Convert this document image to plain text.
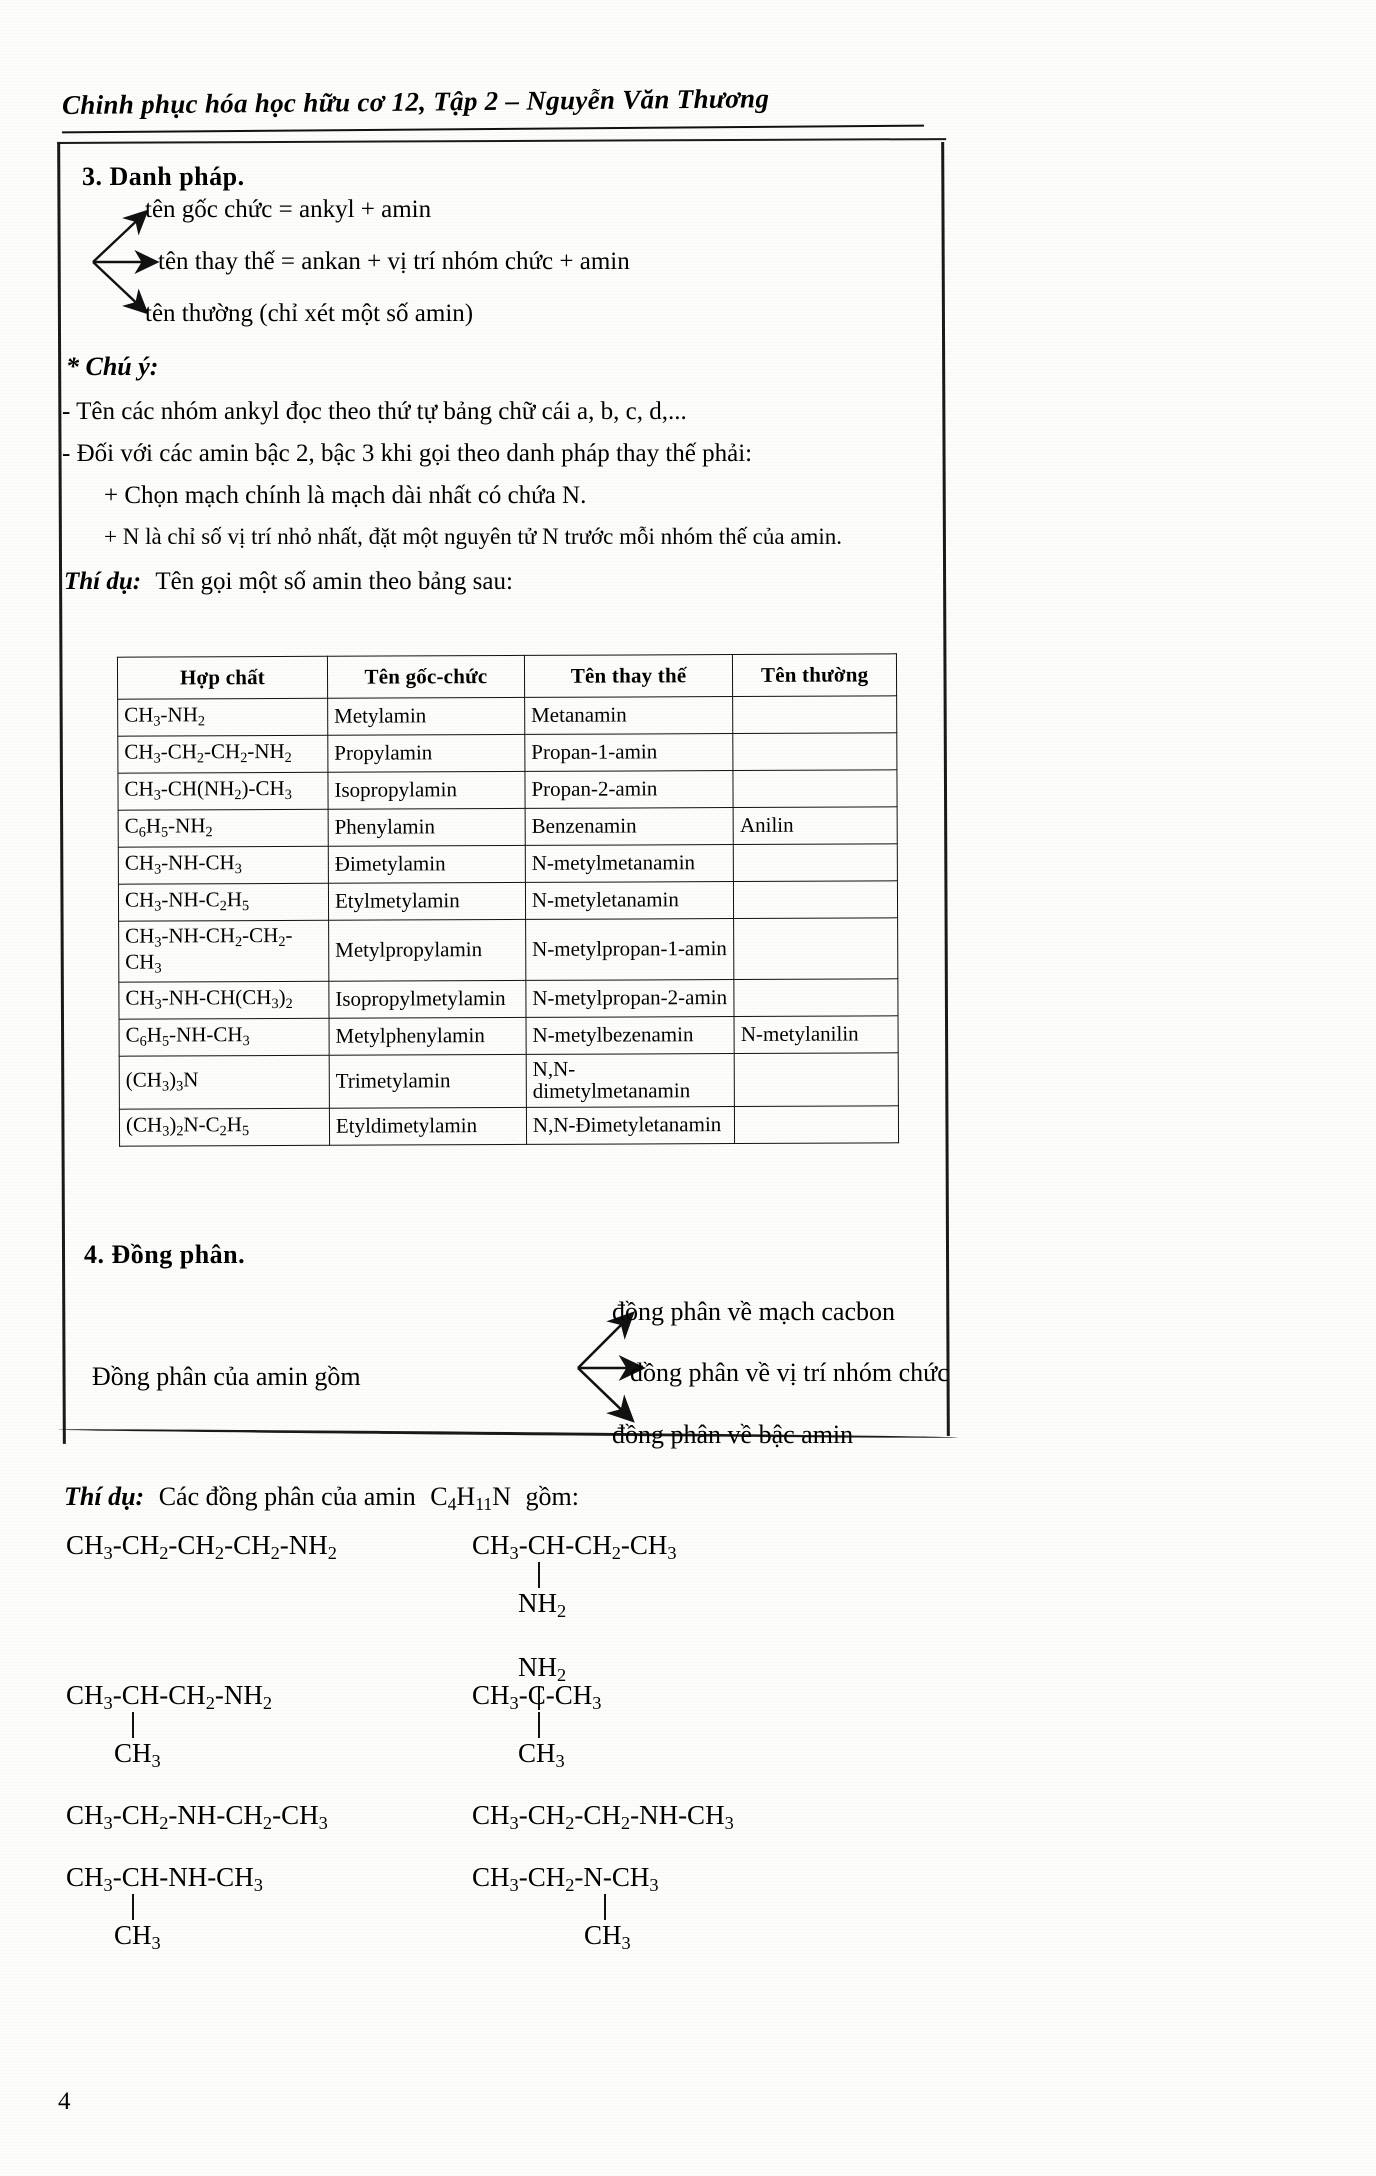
Chinh phục hóa học hữu cơ 12, Tập 2 – Nguyễn Văn Thương
3. Danh pháp.
tên gốc chức = ankyl + amin
tên thay thế = ankan + vị trí nhóm chức + amin
tên thường (chỉ xét một số amin)
* Chú ý:
- Tên các nhóm ankyl đọc theo thứ tự bảng chữ cái a, b, c, d,...
- Đối với các amin bậc 2, bậc 3 khi gọi theo danh pháp thay thế phải:
+ Chọn mạch chính là mạch dài nhất có chứa N.
+ N là chỉ số vị trí nhỏ nhất, đặt một nguyên tử N trước mỗi nhóm thế của amin.
Thí dụ: Tên gọi một số amin theo bảng sau:
Hợp chất	Tên gốc-chức	Tên thay thế	Tên thường
$CH_3-NH_2$	Metylamin	Metanamin	
$CH_3-CH_2-CH_2-NH_2$	Propylamin	Propan-1-amin	
$CH_3-CH(NH_2)-CH_3$	Isopropylamin	Propan-2-amin	
$C_6H_5-NH_2$	Phenylamin	Benzenamin	Anilin
$CH_3-NH-CH_3$	Đimetylamin	N-metylmetanamin	
$CH_3-NH-C_2H_5$	Etylmetylamin	N-metyletanamin	
$CH_3-NH-CH_2-CH_2-CH_3$	Metylpropylamin	N-metylpropan-1-amin	
$CH_3-NH-CH(CH_3)_2$	Isopropylmetylamin	N-metylpropan-2-amin	
$C_6H_5-NH-CH_3$	Metylphenylamin	N-metylbezenamin	N-metylanilin
$(CH_3)_3N$	Trimetylamin	N,N-dimetylmetanamin	
$(CH_3)_2N-C_2H_5$	Etyldimetylamin	N,N-Đimetyletanamin	
4. Đồng phân.
Đồng phân của amin gồm
đồng phân về mạch cacbon
đồng phân về vị trí nhóm chức
đồng phân về bậc amin
Thí dụ: Các đồng phân của amin $C_4H_{11}N$ gồm:
$CH_3-CH_2-CH_2-CH_2-NH_2$
$CH_3-CH-CH_2-NH_2$
$CH_3$
$CH_3-CH_2-NH-CH_2-CH_3$
$CH_3-CH-NH-CH_3$
$CH_3$
$CH_3-CH-CH_2-CH_3$
$NH_2$
$NH_2$
$CH_3-C-CH_3$
$CH_3$
$CH_3-CH_2-CH_2-NH-CH_3$
$CH_3-CH_2-N-CH_3$
$CH_3$
4
